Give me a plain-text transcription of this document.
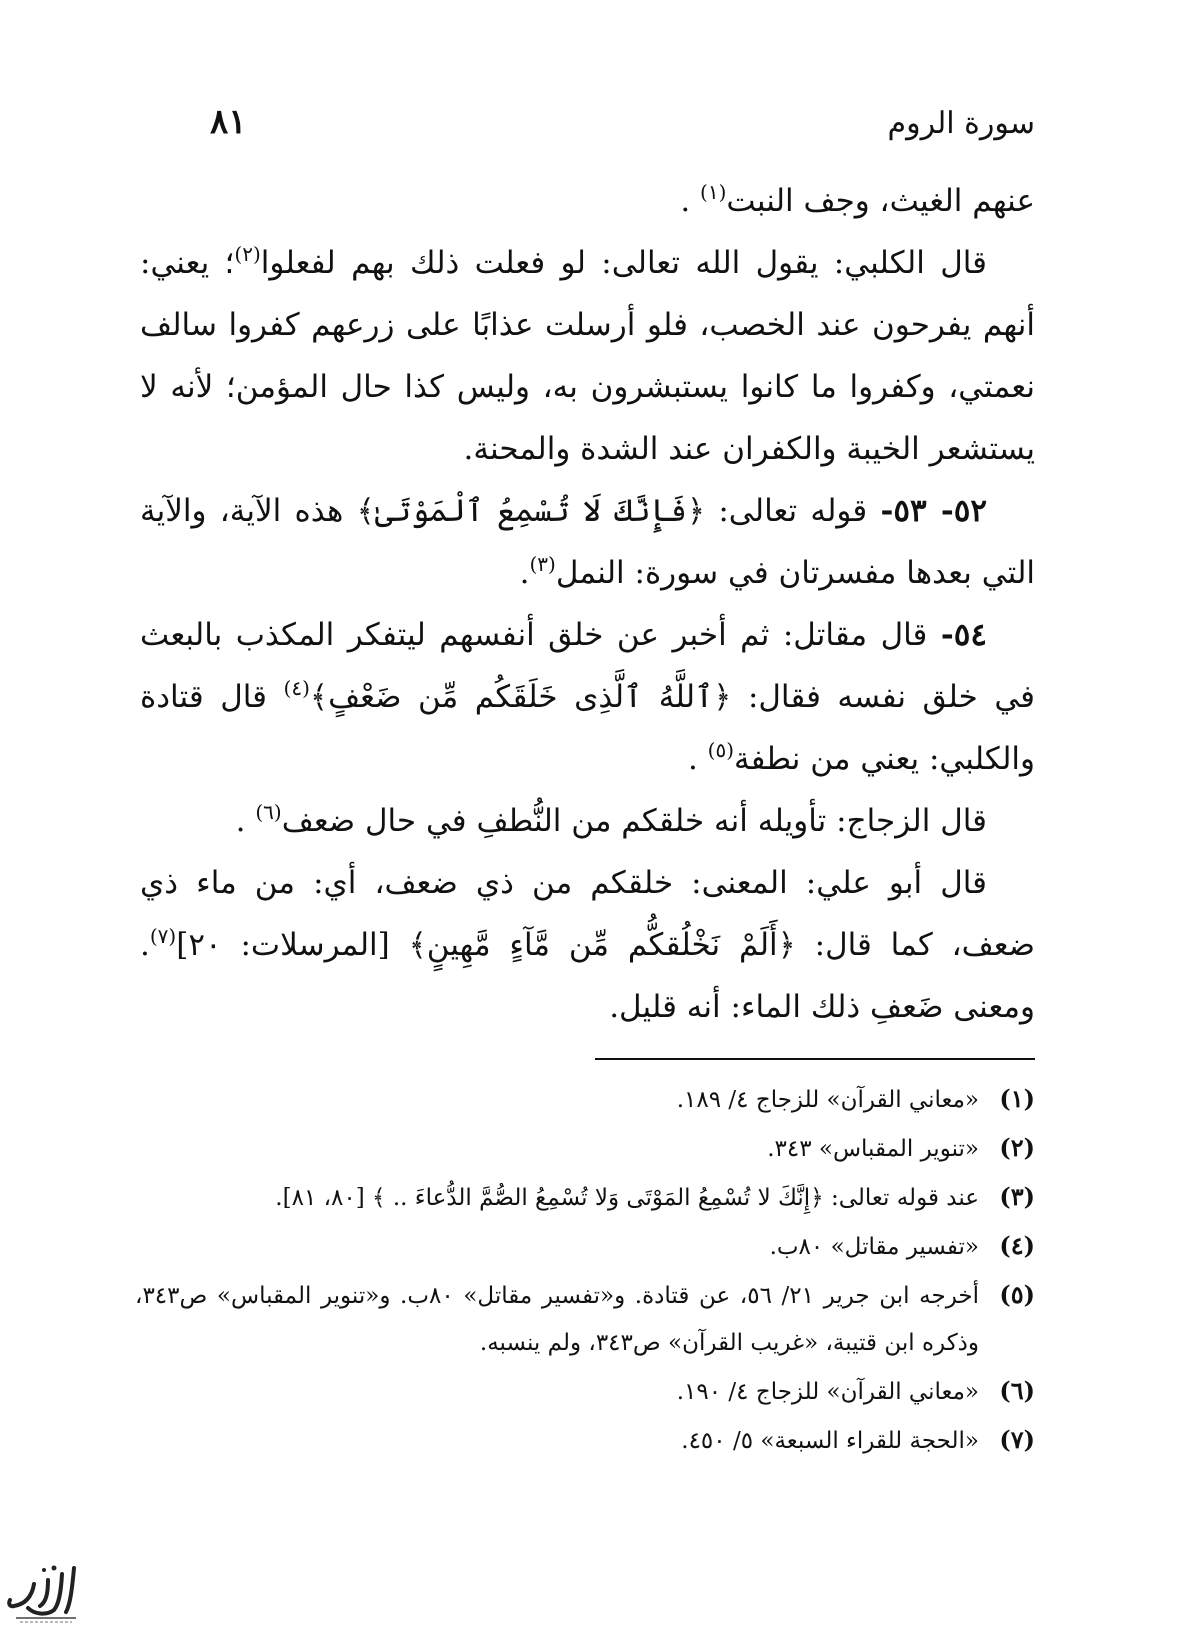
سورة الروم
٨١

عنهم الغيث، وجف النبت$^{(١)}$ .

قال الكلبي: يقول الله تعالى: لو فعلت ذلك بهم لفعلوا$^{(٢)}$؛ يعني: أنهم يفرحون عند الخصب، فلو أرسلت عذابًا على زرعهم كفروا سالف نعمتي، وكفروا ما كانوا يستبشرون به، وليس كذا حال المؤمن؛ لأنه لا يستشعر الخيبة والكفران عند الشدة والمحنة.

٥٢- ٥٣- قوله تعالى: ﴿فَإِنَّكَ لَا تُسْمِعُ ٱلْمَوْتَىٰ﴾ هذه الآية، والآية التي بعدها مفسرتان في سورة: النمل$^{(٣)}$.

٥٤- قال مقاتل: ثم أخبر عن خلق أنفسهم ليتفكر المكذب بالبعث في خلق نفسه فقال: ﴿ٱللَّهُ ٱلَّذِى خَلَقَكُم مِّن ضَعْفٍ﴾$^{(٤)}$ قال قتادة والكلبي: يعني من نطفة$^{(٥)}$ .

قال الزجاج: تأويله أنه خلقكم من النُّطفِ في حال ضعف$^{(٦)}$ .

قال أبو علي: المعنى: خلقكم من ذي ضعف، أي: من ماء ذي ضعف، كما قال: ﴿أَلَمْ نَخْلُقكُّم مِّن مَّآءٍ مَّهِينٍ﴾ [المرسلات: ٢٠]$^{(٧)}$. ومعنى ضَعفِ ذلك الماء: أنه قليل.

(١)
«معاني القرآن» للزجاج ٤/ ١٨٩.
(٢)
«تنوير المقباس» ٣٤٣.
(٣)
عند قوله تعالى: ﴿إِنَّكَ لا تُسْمِعُ المَوْتَى وَلا تُسْمِعُ الصُّمَّ الدُّعاءَ .. ﴾ [٨٠، ٨١].
(٤)
«تفسير مقاتل» ٨٠ب.
(٥)
أخرجه ابن جرير ٢١/ ٥٦، عن قتادة. و«تفسير مقاتل» ٨٠ب. و«تنوير المقباس» ص٣٤٣، وذكره ابن قتيبة، «غريب القرآن» ص٣٤٣، ولم ينسبه.
(٦)
«معاني القرآن» للزجاج ٤/ ١٩٠.
(٧)
«الحجة للقراء السبعة» ٥/ ٤٥٠.
